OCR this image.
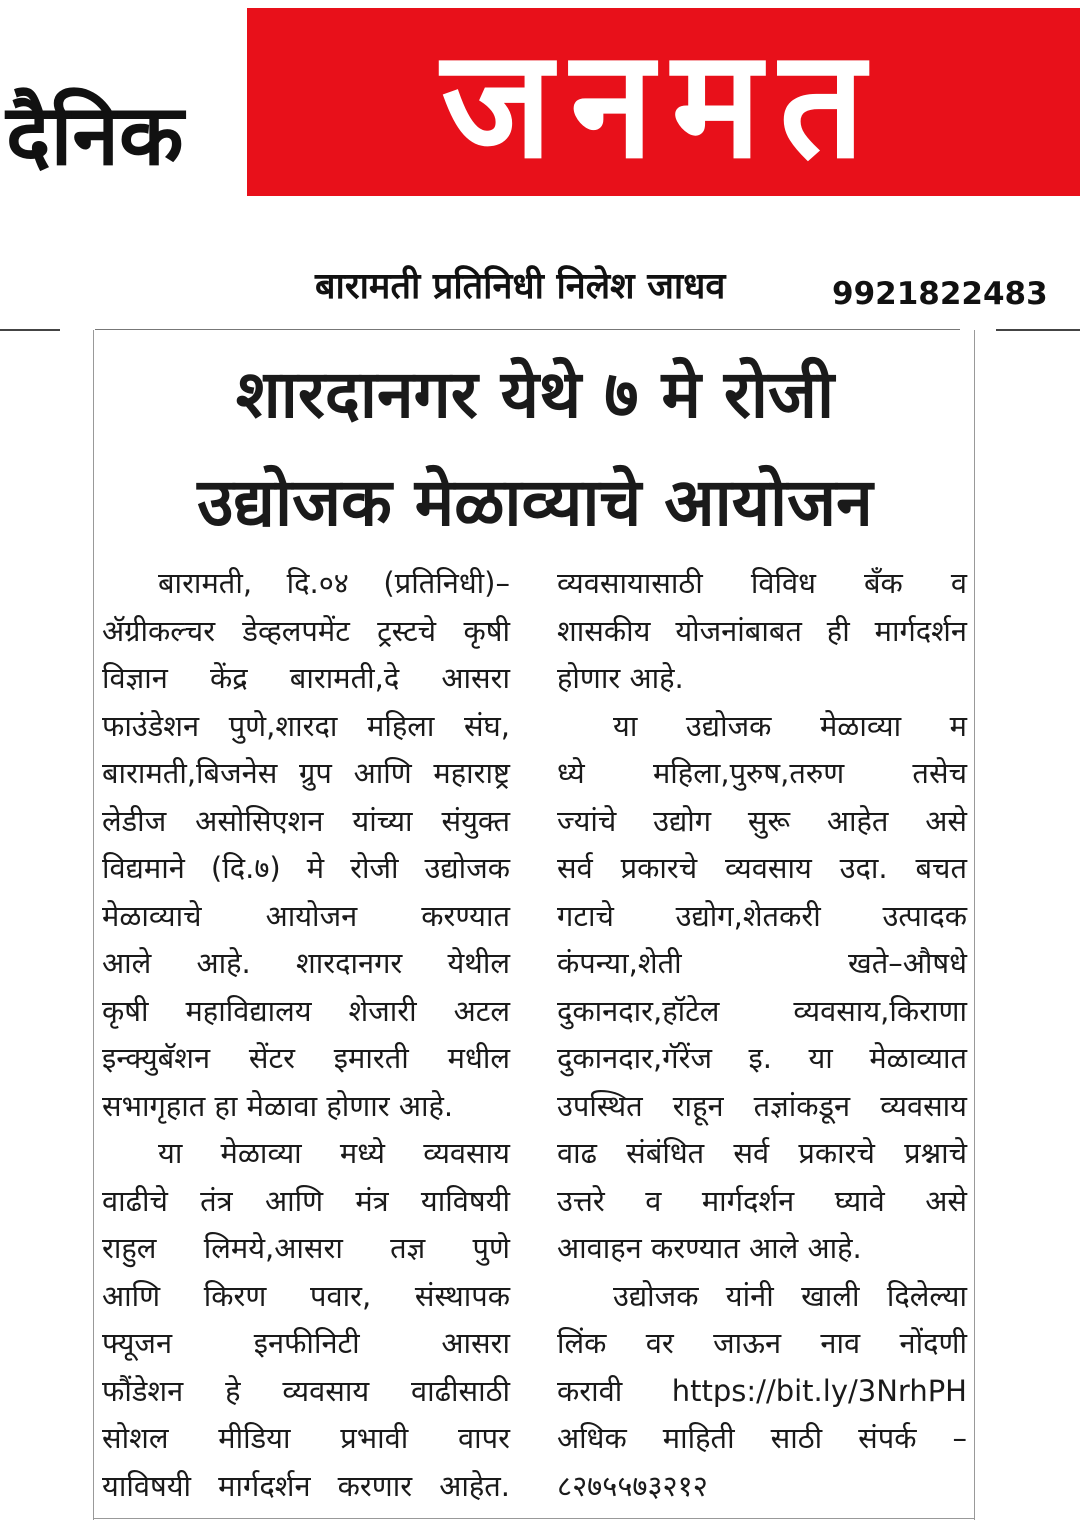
जनमत
दैनिक
बारामती प्रतिनिधी निलेश जाधव	9921822483
शारदानगर येथे ७ मे रोजी
उद्योजक मेळाव्याचे आयोजन
बारामती, दि.०४ (प्रतिनिधी)–
ॲग्रीकल्चर डेव्हलपमेंट ट्रस्टचे कृषी
विज्ञान केंद्र बारामती,दे आसरा
फाउंडेशन पुणे,शारदा महिला संघ,
बारामती,बिजनेस ग्रुप आणि महाराष्ट्र
लेडीज असोसिएशन यांच्या संयुक्त
विद्यमाने (दि.७) मे रोजी उद्योजक
मेळाव्याचे आयोजन करण्यात
आले आहे. शारदानगर येथील
कृषी महाविद्यालय शेजारी अटल
इन्क्युबॅशन सेंटर इमारती मधील
सभागृहात हा मेळावा होणार आहे.
या मेळाव्या मध्ये व्यवसाय
वाढीचे तंत्र आणि मंत्र याविषयी
राहुल लिमये,आसरा तज्ञ पुणे
आणि किरण पवार, संस्थापक
फ्यूजन इनफीनिटी आसरा
फौंडेशन हे व्यवसाय वाढीसाठी
सोशल मीडिया प्रभावी वापर
याविषयी मार्गदर्शन करणार आहेत.
व्यवसायासाठी विविध बँक व
शासकीय योजनांबाबत ही मार्गदर्शन
होणार आहे.
या उद्योजक मेळाव्या म
ध्ये महिला,पुरुष,तरुण तसेच
ज्यांचे उद्योग सुरू आहेत असे
सर्व प्रकारचे व्यवसाय उदा. बचत
गटाचे उद्योग,शेतकरी उत्पादक
कंपन्या,शेती खते–औषधे
दुकानदार,हॉटेल व्यवसाय,किराणा
दुकानदार,गॅरेंज इ. या मेळाव्यात
उपस्थित राहून तज्ञांकडून व्यवसाय
वाढ संबंधित सर्व प्रकारचे प्रश्नाचे
उत्तरे व मार्गदर्शन घ्यावे असे
आवाहन करण्यात आले आहे.
उद्योजक यांनी खाली दिलेल्या
लिंक वर जाऊन नाव नोंदणी
करावी https://bit.ly/3NrhPH
अधिक माहिती साठी संपर्क –
८२७५५७३२१२
